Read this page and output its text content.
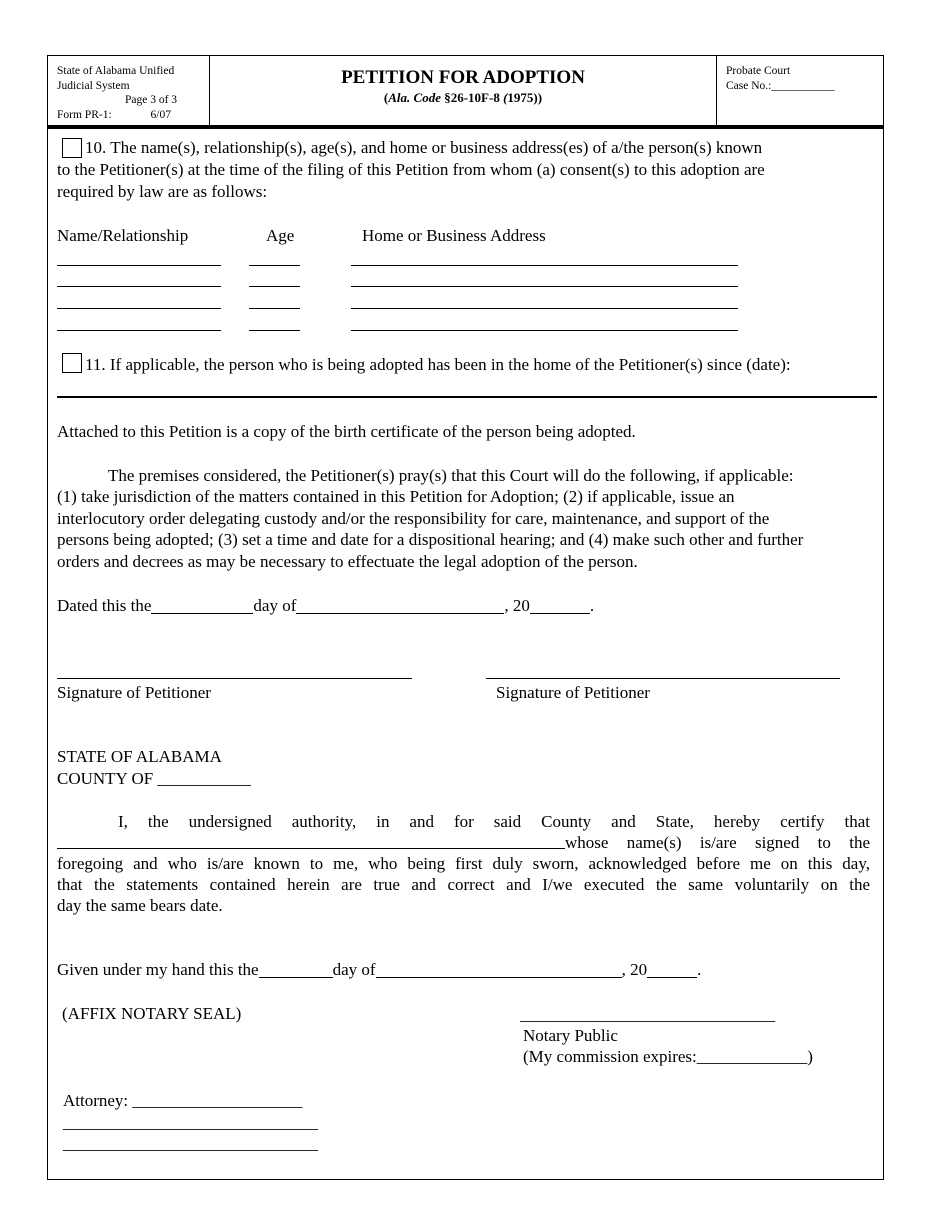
State of Alabama Unified
Judicial System
Page 3 of 3
Form PR-1:	6/07
PETITION FOR ADOPTION
(Ala. Code §26-10F-8 (1975))
Probate Court
Case No.:___________
10. The name(s), relationship(s), age(s), and home or business address(es) of a/the person(s) known
to the Petitioner(s) at the time of the filing of this Petition from whom (a) consent(s) to this adoption are
required by law are as follows:
Name/Relationship	Age	Home or Business Address
11. If applicable, the person who is being adopted has been in the home of the Petitioner(s) since (date):
Attached to this Petition is a copy of the birth certificate of the person being adopted.
The premises considered, the Petitioner(s) pray(s) that this Court will do the following, if applicable:
(1) take jurisdiction of the matters contained in this Petition for Adoption; (2) if applicable, issue an
interlocutory order delegating custody and/or the responsibility for care, maintenance, and support of the
persons being adopted; (3) set a time and date for a dispositional hearing; and (4) make such other and further
orders and decrees as may be necessary to effectuate the legal adoption of the person.
Dated this the	day of	, 20	.
Signature of Petitioner	Signature of Petitioner
STATE OF ALABAMA
COUNTY OF ___________
I, the undersigned authority, in and for said County and State, hereby certify that
whose name(s) is/are signed to the
foregoing and who is/are known to me, who being first duly sworn, acknowledged before me on this day,
that the statements contained herein are true and correct and I/we executed the same voluntarily on the
day the same bears date.
Given under my hand this the	day of	, 20	.
(AFFIX NOTARY SEAL)	______________________________
Notary Public
(My commission expires:_____________)
Attorney: ____________________
______________________________
______________________________
